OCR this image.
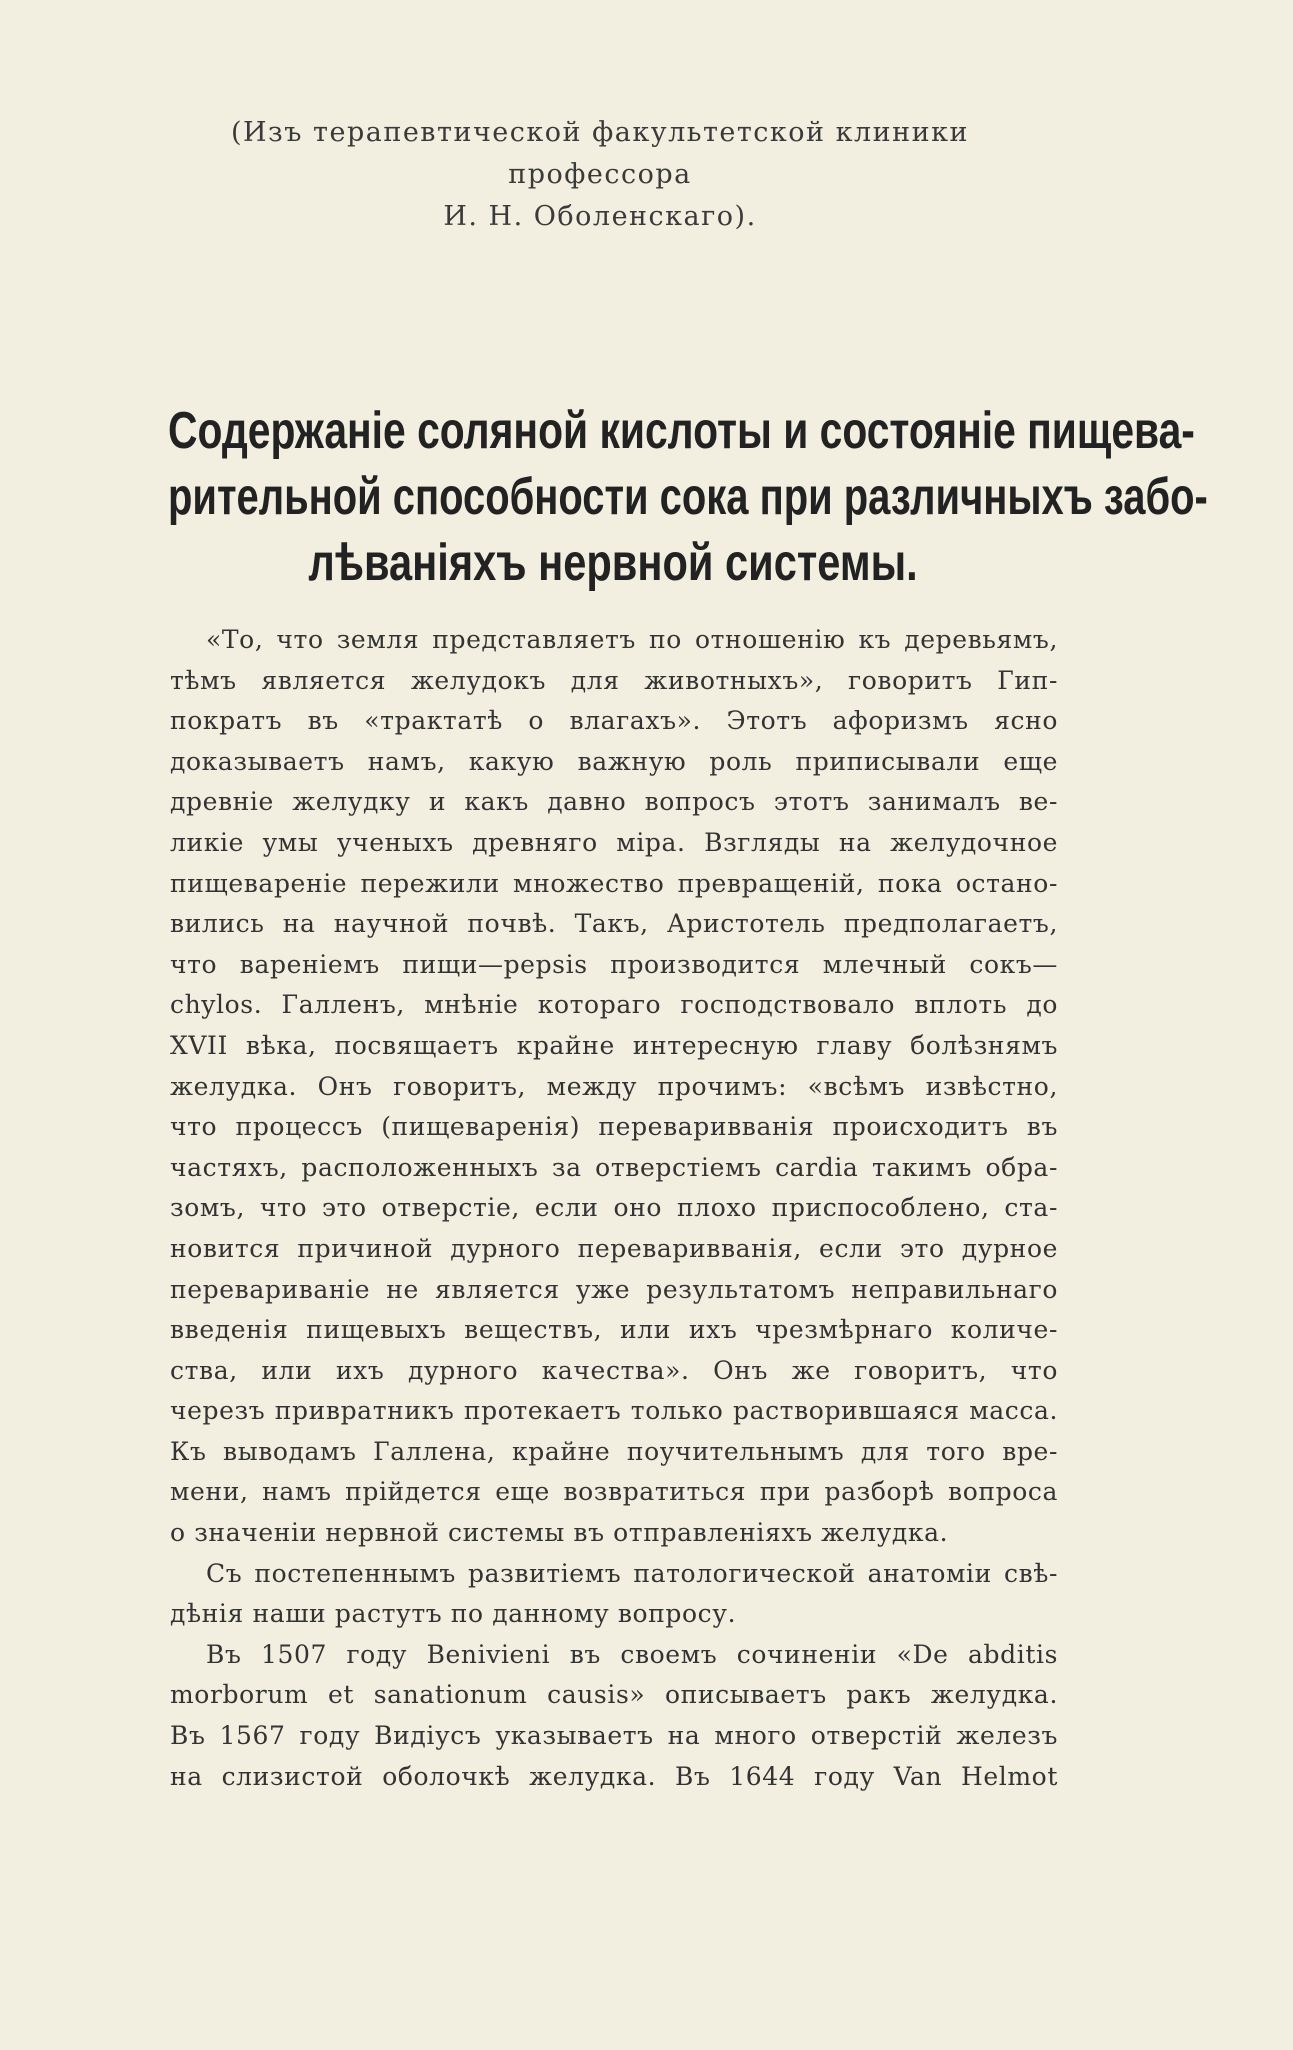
(Изъ терапевтической факультетской клиники профессора
И. Н. Оболенскаго).
Содержаніе соляной кислоты и состояніе пищева-
рительной способности сока при различныхъ забо-
лѣваніяхъ нервной системы.
«То, что земля представляетъ по отношенію къ деревьямъ,
тѣмъ является желудокъ для животныхъ», говоритъ Гип-
пократъ въ «трактатѣ о влагахъ». Этотъ афоризмъ ясно
доказываетъ намъ, какую важную роль приписывали еще
древніе желудку и какъ давно вопросъ этотъ занималъ ве-
ликіе умы ученыхъ древняго міра. Взгляды на желудочное
пищевареніе пережили множество превращеній, пока остано-
вились на научной почвѣ. Такъ, Аристотель предполагаетъ,
что вареніемъ пищи—pepsis производится млечный сокъ—
chylos. Галленъ, мнѣніе котораго господствовало вплоть до
XVII вѣка, посвящаетъ крайне интересную главу болѣзнямъ
желудка. Онъ говоритъ, между прочимъ: «всѣмъ извѣстно,
что процессъ (пищеваренія) переваривванія происходитъ въ
частяхъ, расположенныхъ за отверстіемъ cardia такимъ обра-
зомъ, что это отверстіе, если оно плохо приспособлено, ста-
новится причиной дурного переваривванія, если это дурное
перевариваніе не является уже результатомъ неправильнаго
введенія пищевыхъ веществъ, или ихъ чрезмѣрнаго количе-
ства, или ихъ дурного качества». Онъ же говоритъ, что
черезъ привратникъ протекаетъ только растворившаяся масса.
Къ выводамъ Галлена, крайне поучительнымъ для того вре-
мени, намъ прійдется еще возвратиться при разборѣ вопроса
о значеніи нервной системы въ отправленіяхъ желудка.
Съ постепеннымъ развитіемъ патологической анатоміи свѣ-
дѣнія наши растутъ по данному вопросу.
Въ 1507 году Benivieni въ своемъ сочиненіи «De abditis
morborum et sanationum causis» описываетъ ракъ желудка.
Въ 1567 году Видіусъ указываетъ на много отверстій железъ
на слизистой оболочкѣ желудка. Въ 1644 году Van Helmot
